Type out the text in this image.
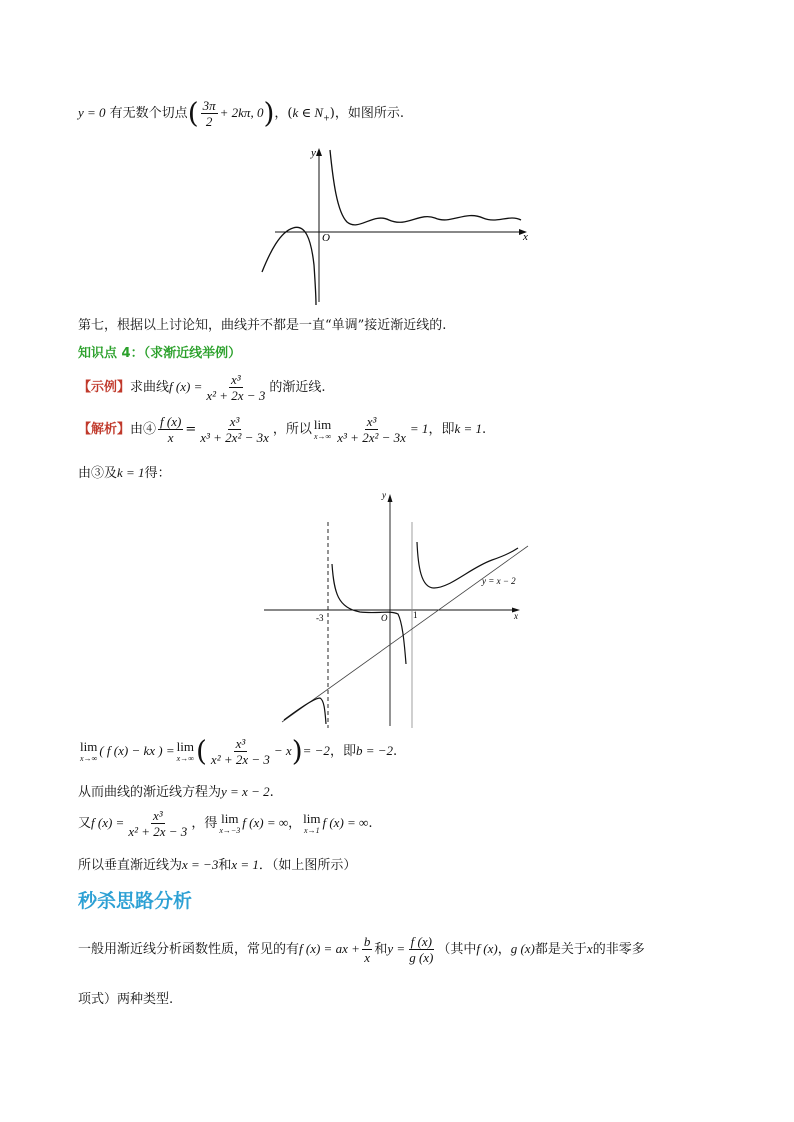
y = 0 有无数个切点( $\frac{3\pi}{2} + 2k\pi$, 0)，(k ∈ $N_+$)，如图所示.
y
x
O
第七，根据以上讨论知，曲线并不都是一直“单调”接近渐近线的.
知识点 4：（求渐近线举例）
【示例】求曲线f $(x) = \frac{\text{x³}}{\text{x² + 2x − 3}}$ 的渐近线.
【解析】由④ $\frac{f (x)}{x} = \frac{\text{x³}}{\text{x³ + 2x² − 3x}}$ ，所以 lim
$x\to\infty \frac{\text{x³}}{\text{x³ + 2x² − 3x}} = 1$，即k = 1.
由③及k = 1得：
y
x
O
-3	1
y = x − 2
lim
x→∞
( f (x) − kx ) = lim
x→∞ ( $\frac{\text{x³}}{\text{x² + 2x − 3}} - x)= -2$，即b = −2.
从而曲线的渐近线方程为y = x − 2.
又f $(x) = \frac{\text{x³}}{\text{x² + 2x − 3}}$ ，得 lim
x→−3
f (x) = ∞， lim
x→1
f (x) = ∞.
所以垂直渐近线为x = −3和x = 1．（如上图所示）
秒杀思路分析
一般用渐近线分析函数性质，常见的有f (x) = ax + $\frac{b}{x}$ 和$y = \frac{f (x)}{g (x)}$ （其中f (x)，g (x)都是关于x的非零多
项式）两种类型.
